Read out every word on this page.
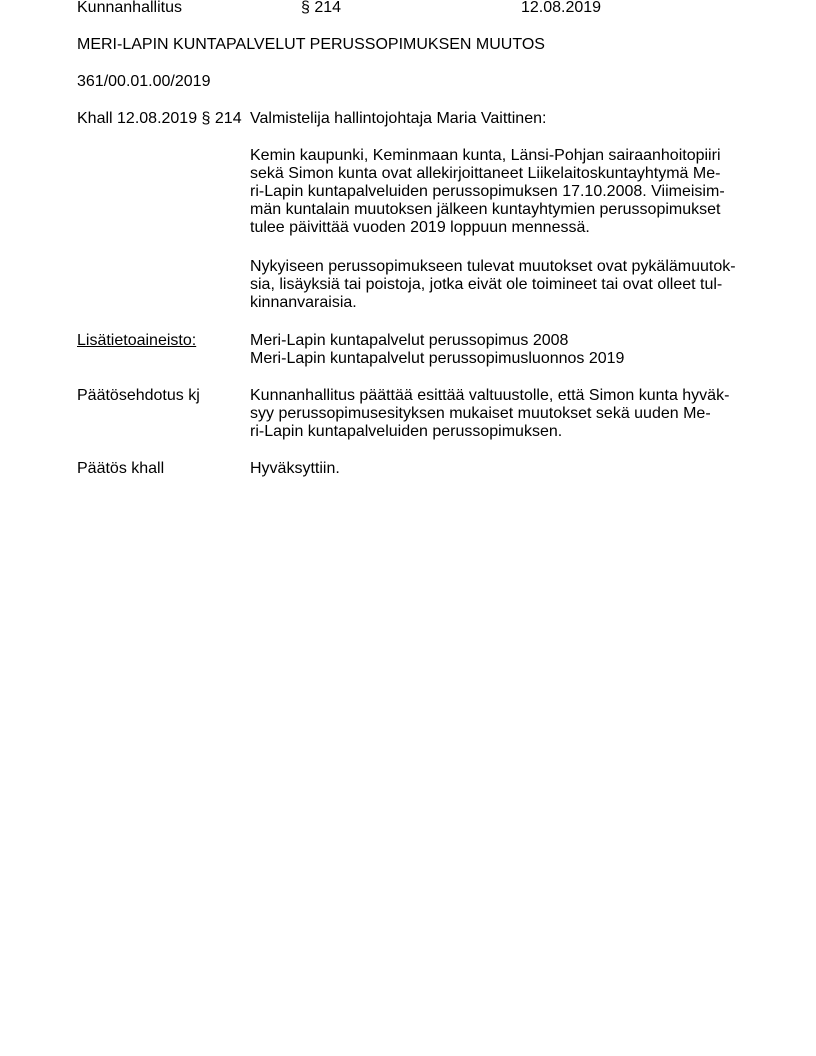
Kunnanhallitus	§ 214	12.08.2019
MERI-LAPIN KUNTAPALVELUT PERUSSOPIMUKSEN MUUTOS
361/00.01.00/2019
Khall 12.08.2019 § 214 Valmistelija hallintojohtaja Maria Vaittinen:
Kemin kaupunki, Keminmaan kunta, Länsi-Pohjan sairaanhoitopiiri
sekä Simon kunta ovat allekirjoittaneet Liikelaitoskuntayhtymä Me-
ri-Lapin kuntapalveluiden perussopimuksen 17.10.2008. Viimeisim-
män kuntalain muutoksen jälkeen kuntayhtymien perussopimukset
tulee päivittää vuoden 2019 loppuun mennessä.
Nykyiseen perussopimukseen tulevat muutokset ovat pykälämuutok-
sia, lisäyksiä tai poistoja, jotka eivät ole toimineet tai ovat olleet tul-
kinnanvaraisia.
Lisätietoaineisto:	Meri-Lapin kuntapalvelut perussopimus 2008
Meri-Lapin kuntapalvelut perussopimusluonnos 2019
Päätösehdotus kj	Kunnanhallitus päättää esittää valtuustolle, että Simon kunta hyväk-
syy perussopimusesityksen mukaiset muutokset sekä uuden Me-
ri-Lapin kuntapalveluiden perussopimuksen.
Päätös khall	Hyväksyttiin.
